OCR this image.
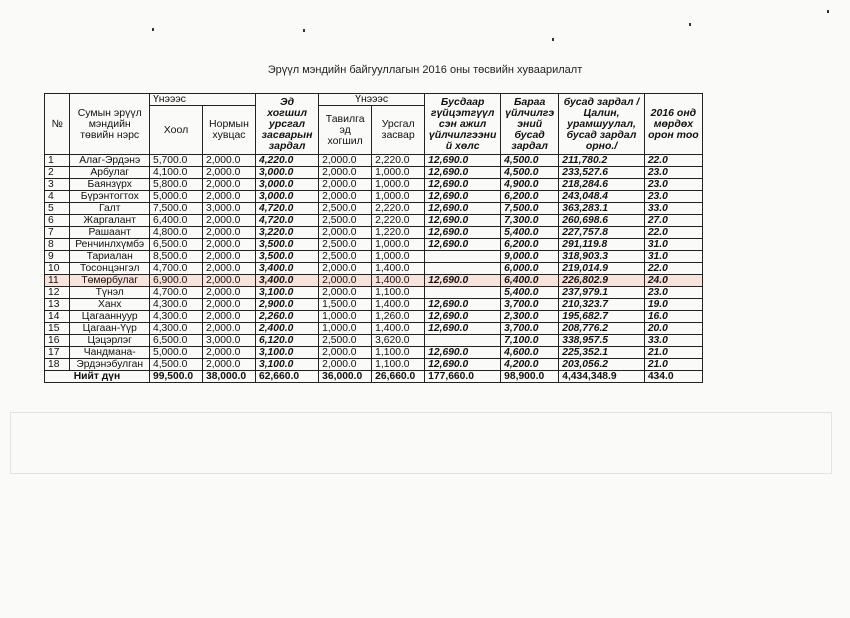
Эрүүл мэндийн байгууллагын 2016 оны төсвийн хуваарилалт
№	Сумын эрүүл мэндийн төвийн нэрс	Үнэээс		Эд хогшил урсгал засварын зардал	Үнэээс		Бусдаар гүйцэтгүүл сэн ажил үйлчилгээни й хөлс	Бараа үйлчилгэ эний бусад зардал	бусад зардал /Цалин, урамшуулал, бусад зардал орно./	2016 онд мөрдөх орон тоо
		Хоол	Нормын хувцас		Тавилга эд хогшил	Урсгал засвар				
1	Алаг-Эрдэнэ	5,700.0	2,000.0	4,220.0	2,000.0	2,220.0	12,690.0	4,500.0	211,780.2	22.0
2	Арбулаг	4,100.0	2,000.0	3,000.0	2,000.0	1,000.0	12,690.0	4,500.0	233,527.6	23.0
3	Баянзүрх	5,800.0	2,000.0	3,000.0	2,000.0	1,000.0	12,690.0	4,900.0	218,284.6	23.0
4	Бүрэнтогтох	5,000.0	2,000.0	3,000.0	2,000.0	1,000.0	12,690.0	6,200.0	243,048.4	23.0
5	Галт	7,500.0	3,000.0	4,720.0	2,500.0	2,220.0	12,690.0	7,500.0	363,283.1	33.0
6	Жаргалант	6,400.0	2,000.0	4,720.0	2,500.0	2,220.0	12,690.0	7,300.0	260,698.6	27.0
7	Рашаант	4,800.0	2,000.0	3,220.0	2,000.0	1,220.0	12,690.0	5,400.0	227,757.8	22.0
8	Ренчинлхүмбэ	6,500.0	2,000.0	3,500.0	2,500.0	1,000.0	12,690.0	6,200.0	291,119.8	31.0
9	Тариалан	8,500.0	2,000.0	3,500.0	2,500.0	1,000.0		9,000.0	318,903.3	31.0
10	Тосонцэнгэл	4,700.0	2,000.0	3,400.0	2,000.0	1,400.0		6,000.0	219,014.9	22.0
11	Төмөрбулаг	6,900.0	2,000.0	3,400.0	2,000.0	1,400.0	12,690.0	6,400.0	226,802.9	24.0
12	Түнэл	4,700.0	2,000.0	3,100.0	2,000.0	1,100.0		5,400.0	237,979.1	23.0
13	Ханх	4,300.0	2,000.0	2,900.0	1,500.0	1,400.0	12,690.0	3,700.0	210,323.7	19.0
14	Цагааннуур	4,300.0	2,000.0	2,260.0	1,000.0	1,260.0	12,690.0	2,300.0	195,682.7	16.0
15	Цагаан-Үүр	4,300.0	2,000.0	2,400.0	1,000.0	1,400.0	12,690.0	3,700.0	208,776.2	20.0
16	Цэцэрлэг	6,500.0	3,000.0	6,120.0	2,500.0	3,620.0		7,100.0	338,957.5	33.0
17	Чандмана-	5,000.0	2,000.0	3,100.0	2,000.0	1,100.0	12,690.0	4,600.0	225,352.1	21.0
18	Эрдэнэбулган	4,500.0	2,000.0	3,100.0	2,000.0	1,100.0	12,690.0	4,200.0	203,056.2	21.0
Нийт дүн		99,500.0	38,000.0	62,660.0	36,000.0	26,660.0	177,660.0	98,900.0	4,434,348.9	434.0
